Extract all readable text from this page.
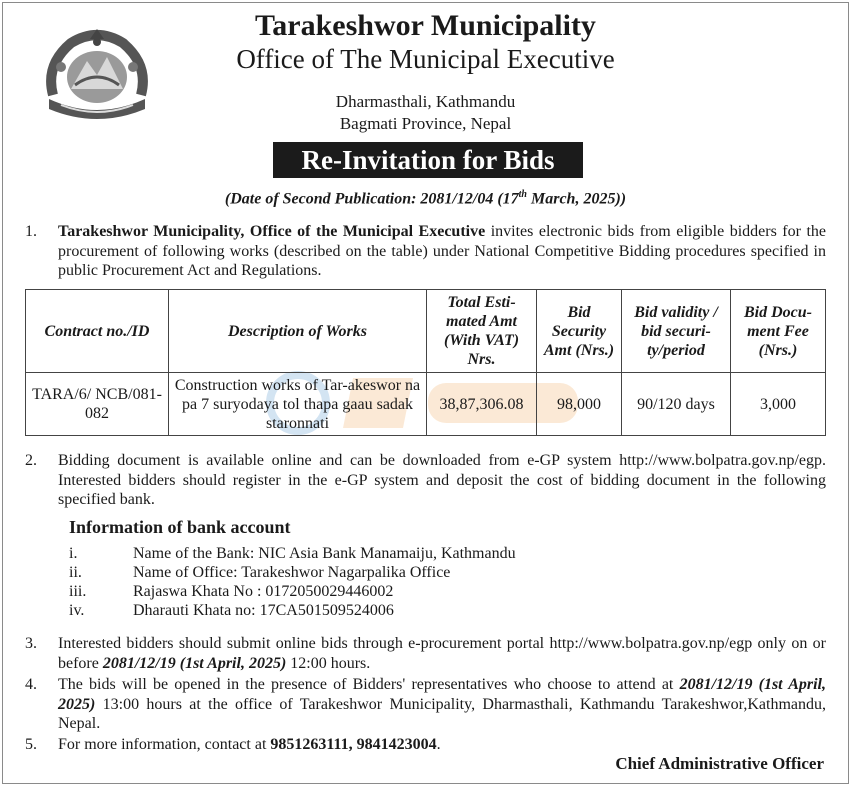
Tarakeshwor Municipality
Office of The Municipal Executive
Dharmasthali, Kathmandu
Bagmati Province, Nepal
Re-Invitation for Bids
(Date of Second Publication: 2081/12/04 (17th March, 2025))
1. Tarakeshwor Municipality, Office of the Municipal Executive invites electronic bids from eligible bidders for the procurement of following works (described on the table) under National Competitive Bidding procedures specified in public Procurement Act and Regulations.
Contract no./ID	Description of Works	Total Esti-mated Amt (With VAT) Nrs.	Bid Security Amt (Nrs.)	Bid validity / bid securi-ty/period	Bid Docu-ment Fee (Nrs.)
TARA/6/ NCB/081-082	Construction works of Tar-akeswor na pa 7 suryodaya tol thapa gaau sadak staronnati	38,87,306.08	98,000	90/120 days	3,000
2. Bidding document is available online and can be downloaded from e-GP system http://www.bolpatra.gov.np/egp. Interested bidders should register in the e-GP system and deposit the cost of bidding document in the following specified bank.
Information of bank account
i.	Name of the Bank: NIC Asia Bank Manamaiju, Kathmandu
ii.	Name of Office: Tarakeshwor Nagarpalika Office
iii.	Rajaswa Khata No : 0172050029446002
iv.	Dharauti Khata no: 17CA501509524006
3. Interested bidders should submit online bids through e-procurement portal http://www.bolpatra.gov.np/egp only on or before 2081/12/19 (1st April, 2025) 12:00 hours.
4. The bids will be opened in the presence of Bidders' representatives who choose to attend at 2081/12/19 (1st April, 2025) 13:00 hours at the office of Tarakeshwor Municipality, Dharmasthali, Kathmandu Tarakeshwor,Kathmandu, Nepal.
5. For more information, contact at 9851263111, 9841423004.
Chief Administrative Officer
